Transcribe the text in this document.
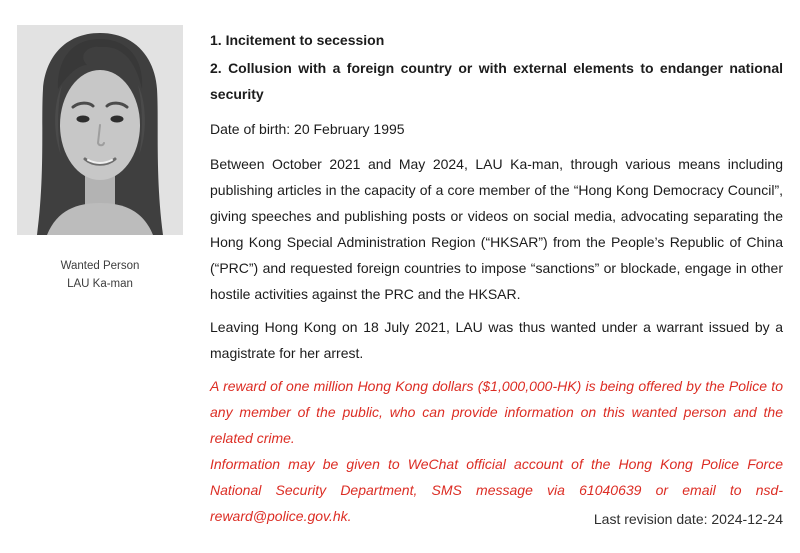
Wanted Person
LAU Ka-man

1. Incitement to secession

2. Collusion with a foreign country or with external elements to endanger national security

Date of birth: 20 February 1995

Between October 2021 and May 2024, LAU Ka-man, through various means including publishing articles in the capacity of a core member of the “Hong Kong Democracy Council”, giving speeches and publishing posts or videos on social media, advocating separating the Hong Kong Special Administration Region (“HKSAR”) from the People’s Republic of China (“PRC”) and requested foreign countries to impose “sanctions” or blockade, engage in other hostile activities against the PRC and the HKSAR.

Leaving Hong Kong on 18 July 2021, LAU was thus wanted under a warrant issued by a magistrate for her arrest.

A reward of one million Hong Kong dollars ($1,000,000-HK) is being offered by the Police to any member of the public, who can provide information on this wanted person and the related crime.

Information may be given to WeChat official account of the Hong Kong Police Force National Security Department, SMS message via 61040639 or email to nsd-reward@police.gov.hk.	Last revision date: 2024-12-24
